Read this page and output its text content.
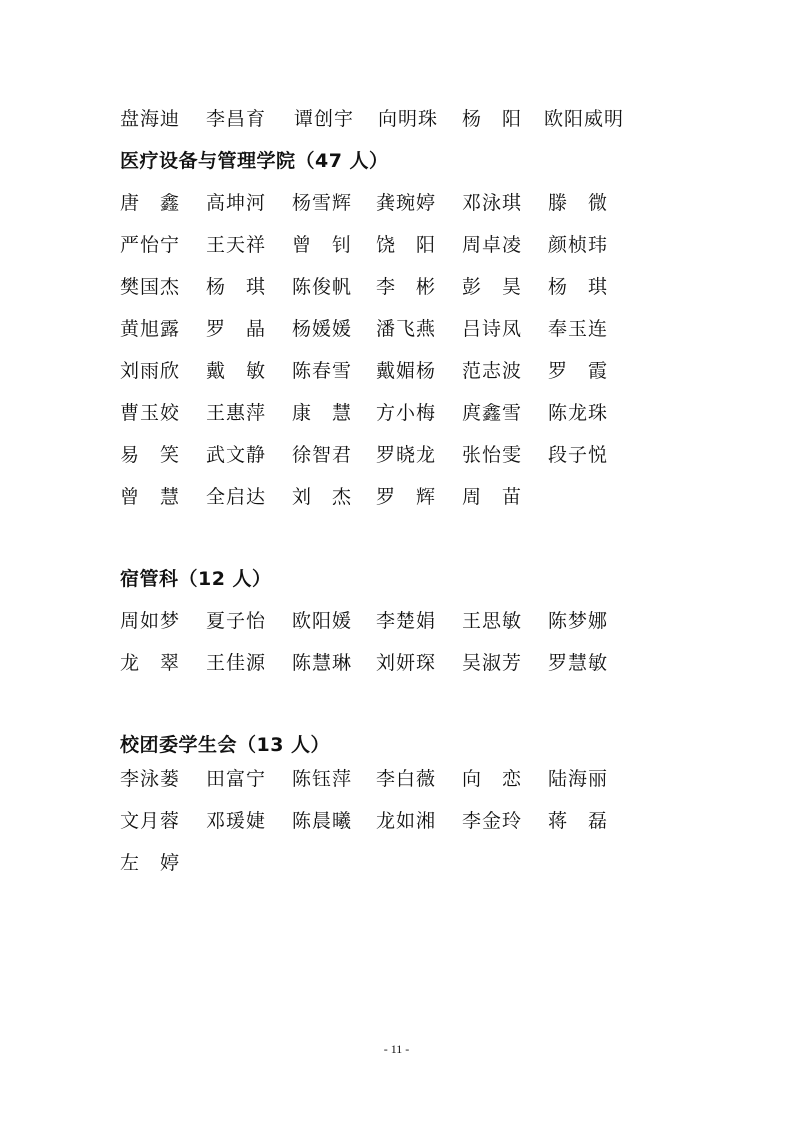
盘海迪	李昌育	谭创宇	向明珠	杨　阳	欧阳威明
医疗设备与管理学院（47 人）
唐　鑫	高坤河	杨雪辉	龚琬婷	邓泳琪	滕　微
严怡宁	王天祥	曾　钊	饶　阳	周卓凌	颜桢玮
樊国杰	杨　琪	陈俊帆	李　彬	彭　昊	杨　琪
黄旭露	罗　晶	杨媛媛	潘飞燕	吕诗凤	奉玉连
刘雨欣	戴　敏	陈春雪	戴媚杨	范志波	罗　霞
曹玉姣	王惠萍	康　慧	方小梅	庹鑫雪	陈龙珠
易　笑	武文静	徐智君	罗晓龙	张怡雯	段子悦
曾　慧	全启达	刘　杰	罗　辉	周　苗
宿管科（12 人）
周如梦	夏子怡	欧阳媛	李楚娟	王思敏	陈梦娜
龙　翠	王佳源	陈慧琳	刘妍琛	吴淑芳	罗慧敏
校团委学生会（13 人）
李泳蒌	田富宁	陈钰萍	李白薇	向　恋	陆海丽
文月蓉	邓瑗婕	陈晨曦	龙如湘	李金玲	蒋　磊
左　婷
- 11 -
